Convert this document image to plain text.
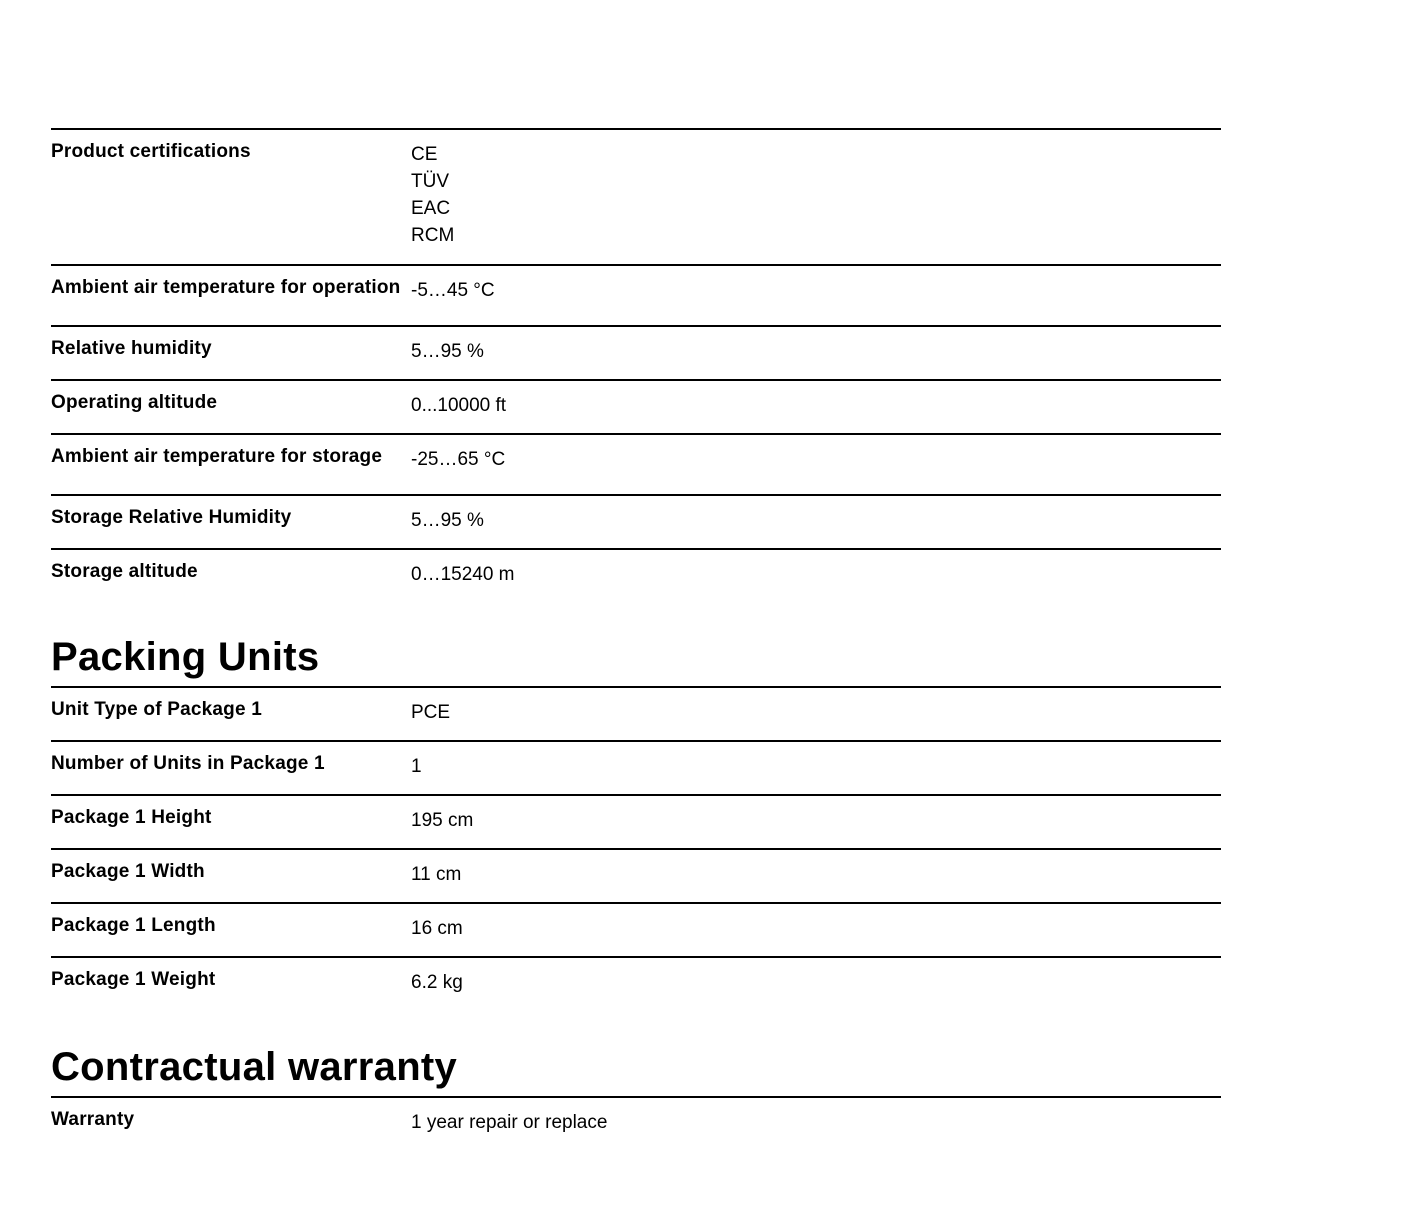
Product certifications	CE
TÜV
EAC
RCM
Ambient air temperature for operation -5…45 °C
Relative humidity	5…95 %
Operating altitude	0...10000 ft
Ambient air temperature for storage	-25…65 °C
Storage Relative Humidity	5…95 %
Storage altitude	0…15240 m
Packing Units
Unit Type of Package 1	PCE
Number of Units in Package 1	1
Package 1 Height	195 cm
Package 1 Width	11 cm
Package 1 Length	16 cm
Package 1 Weight	6.2 kg
Contractual warranty
Warranty	1 year repair or replace
